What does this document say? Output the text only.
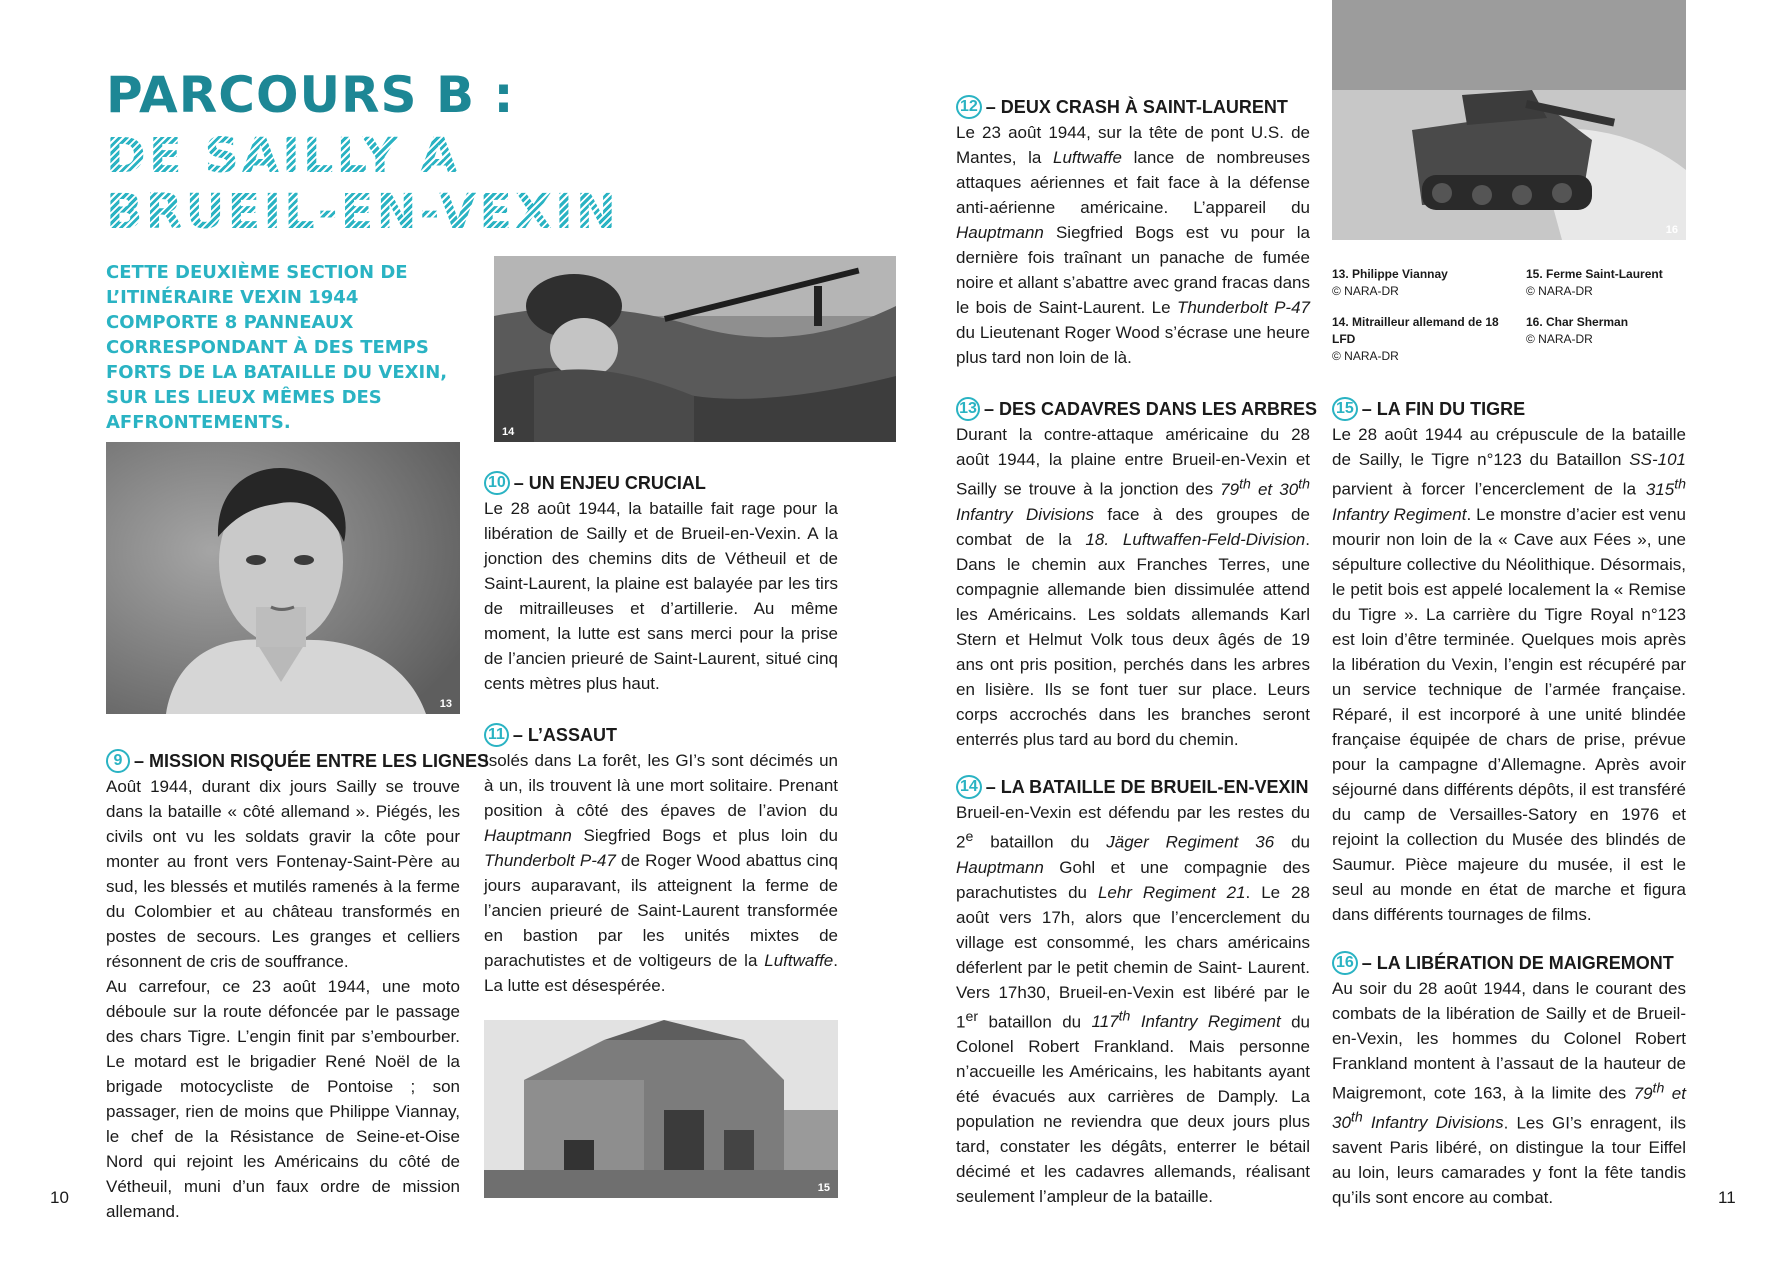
PARCOURS B :
DE SAILLY A
BRUEIL-EN-VEXIN
CETTE DEUXIÈME SECTION DE L’ITINÉRAIRE VEXIN 1944 COMPORTE 8 PANNEAUX CORRESPONDANT À DES TEMPS FORTS DE LA BATAILLE DU VEXIN, SUR LES LIEUX MÊMES DES AFFRONTEMENTS.
13
14
15
16
13. Philippe Viannay
© NARA-DR
15. Ferme Saint-Laurent
© NARA-DR
14. Mitrailleur allemand de 18 LFD
© NARA-DR
16. Char Sherman
© NARA-DR
9 – MISSION RISQUÉE ENTRE LES LIGNES

Août 1944, durant dix jours Sailly se trouve dans la bataille « côté allemand ». Piégés, les civils ont vu les soldats gravir la côte pour monter au front vers Fontenay-Saint-Père au sud, les blessés et mutilés ramenés à la ferme du Colombier et au château transformés en postes de secours. Les granges et celliers résonnent de cris de souffrance.

Au carrefour, ce 23 août 1944, une moto déboule sur la route défoncée par le passage des chars Tigre. L’engin finit par s’embourber. Le motard est le brigadier René Noël de la brigade motocycliste de Pontoise ; son passager, rien de moins que Philippe Viannay, le chef de la Résistance de Seine-et-Oise Nord qui rejoint les Américains du côté de Vétheuil, muni d’un faux ordre de mission allemand.

10 – UN ENJEU CRUCIAL

Le 28 août 1944, la bataille fait rage pour la libération de Sailly et de Brueil-en-Vexin. A la jonction des chemins dits de Vétheuil et de Saint-Laurent, la plaine est balayée par les tirs de mitrailleuses et d’artillerie. Au même moment, la lutte est sans merci pour la prise de l’ancien prieuré de Saint-Laurent, situé cinq cents mètres plus haut.

11 – L’ASSAUT

Isolés dans La forêt, les GI’s sont décimés un à un, ils trouvent là une mort solitaire. Prenant position à côté des épaves de l’avion du Hauptmann Siegfried Bogs et plus loin du Thunderbolt P-47 de Roger Wood abattus cinq jours auparavant, ils atteignent la ferme de l’ancien prieuré de Saint-Laurent transformée en bastion par les unités mixtes de parachutistes et de voltigeurs de la Luftwaffe. La lutte est désespérée.

12 – DEUX CRASH À SAINT-LAURENT

Le 23 août 1944, sur la tête de pont U.S. de Mantes, la Luftwaffe lance de nombreuses attaques aériennes et fait face à la défense anti-aérienne américaine. L’appareil du Hauptmann Siegfried Bogs est vu pour la dernière fois traînant un panache de fumée noire et allant s’abattre avec grand fracas dans le bois de Saint-Laurent. Le Thunderbolt P-47 du Lieutenant Roger Wood s’écrase une heure plus tard non loin de là.

13 – DES CADAVRES DANS LES ARBRES

Durant la contre-attaque américaine du 28 août 1944, la plaine entre Brueil-en-Vexin et Sailly se trouve à la jonction des 79th et 30th Infantry Divisions face à des groupes de combat de la 18. Luftwaffen-Feld-Division. Dans le chemin aux Franches Terres, une compagnie allemande bien dissimulée attend les Américains. Les soldats allemands Karl Stern et Helmut Volk tous deux âgés de 19 ans ont pris position, perchés dans les arbres en lisière. Ils se font tuer sur place. Leurs corps accrochés dans les branches seront enterrés plus tard au bord du chemin.

14 – LA BATAILLE DE BRUEIL-EN-VEXIN

Brueil-en-Vexin est défendu par les restes du 2e bataillon du Jäger Regiment 36 du Hauptmann Gohl et une compagnie des parachutistes du Lehr Regiment 21. Le 28 août vers 17h, alors que l’encerclement du village est consommé, les chars américains déferlent par le petit chemin de Saint- Laurent. Vers 17h30, Brueil-en-Vexin est libéré par le 1er bataillon du 117th Infantry Regiment du Colonel Robert Frankland. Mais personne n’accueille les Américains, les habitants ayant été évacués aux carrières de Damply. La population ne reviendra que deux jours plus tard, constater les dégâts, enterrer le bétail décimé et les cadavres allemands, réalisant seulement l’ampleur de la bataille.

15 – LA FIN DU TIGRE

Le 28 août 1944 au crépuscule de la bataille de Sailly, le Tigre n°123 du Bataillon SS-101 parvient à forcer l’encerclement de la 315th Infantry Regiment. Le monstre d’acier est venu mourir non loin de la « Cave aux Fées », une sépulture collective du Néolithique. Désormais, le petit bois est appelé localement la « Remise du Tigre ». La carrière du Tigre Royal n°123 est loin d’être terminée. Quelques mois après la libération du Vexin, l’engin est récupéré par un service technique de l’armée française. Réparé, il est incorporé à une unité blindée française équipée de chars de prise, prévue pour la campagne d’Allemagne. Après avoir séjourné dans différents dépôts, il est transféré du camp de Versailles-Satory en 1976 et rejoint la collection du Musée des blindés de Saumur. Pièce majeure du musée, il est le seul au monde en état de marche et figura dans différents tournages de films.

16 – LA LIBÉRATION DE MAIGREMONT

Au soir du 28 août 1944, dans le courant des combats de la libération de Sailly et de Brueil-en-Vexin, les hommes du Colonel Robert Frankland montent à l’assaut de la hauteur de Maigremont, cote 163, à la limite des 79th et 30th Infantry Divisions. Les GI’s enragent, ils savent Paris libéré, on distingue la tour Eiffel au loin, leurs camarades y font la fête tandis qu’ils sont encore au combat.

10	11
